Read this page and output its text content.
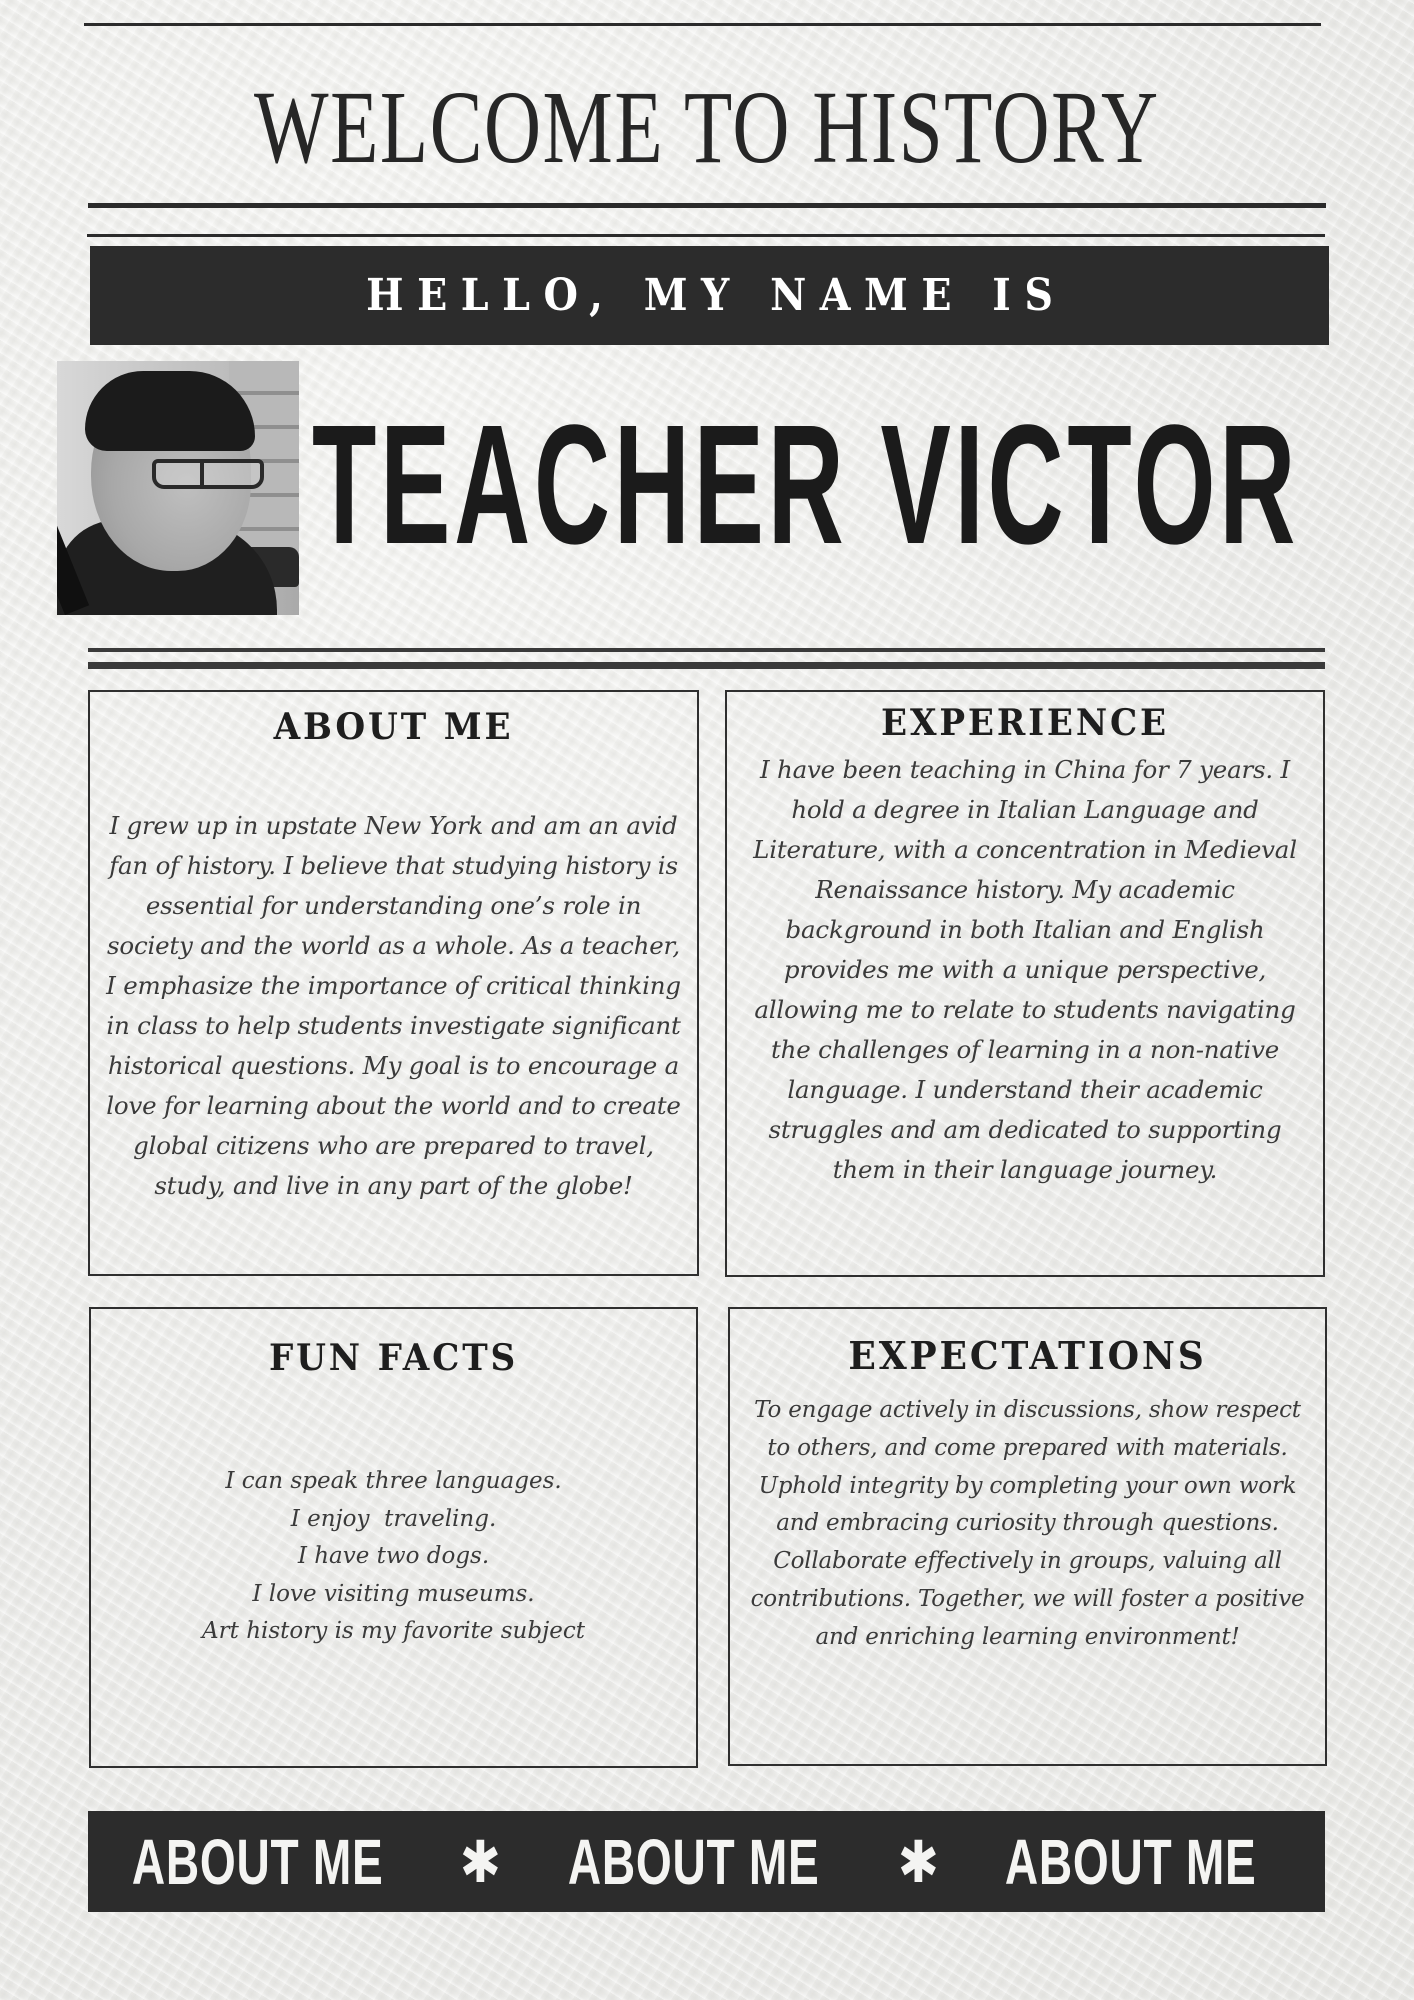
WELCOME TO HISTORY
HELLO, MY NAME IS
TEACHER VICTOR
ABOUT ME

I grew up in upstate New York and am an avid fan of history. I believe that studying history is essential for understanding one’s role in society and the world as a whole. As a teacher, I emphasize the importance of critical thinking in class to help students investigate significant historical questions. My goal is to encourage a love for learning about the world and to create global citizens who are prepared to travel, study, and live in any part of the globe!

EXPERIENCE

I have been teaching in China for 7 years. I hold a degree in Italian Language and Literature, with a concentration in Medieval Renaissance history. My academic background in both Italian and English provides me with a unique perspective, allowing me to relate to students navigating the challenges of learning in a non-native language. I understand their academic struggles and am dedicated to supporting them in their language journey.

FUN FACTS
I can speak three languages.
I enjoy  traveling.
I have two dogs.
I love visiting museums.
Art history is my favorite subject
EXPECTATIONS

To engage actively in discussions, show respect to others, and come prepared with materials. Uphold integrity by completing your own work and embracing curiosity through questions. Collaborate effectively in groups, valuing all contributions. Together, we will foster a positive and enriching learning environment!

ABOUT ME ✱ ABOUT ME ✱ ABOUT ME
